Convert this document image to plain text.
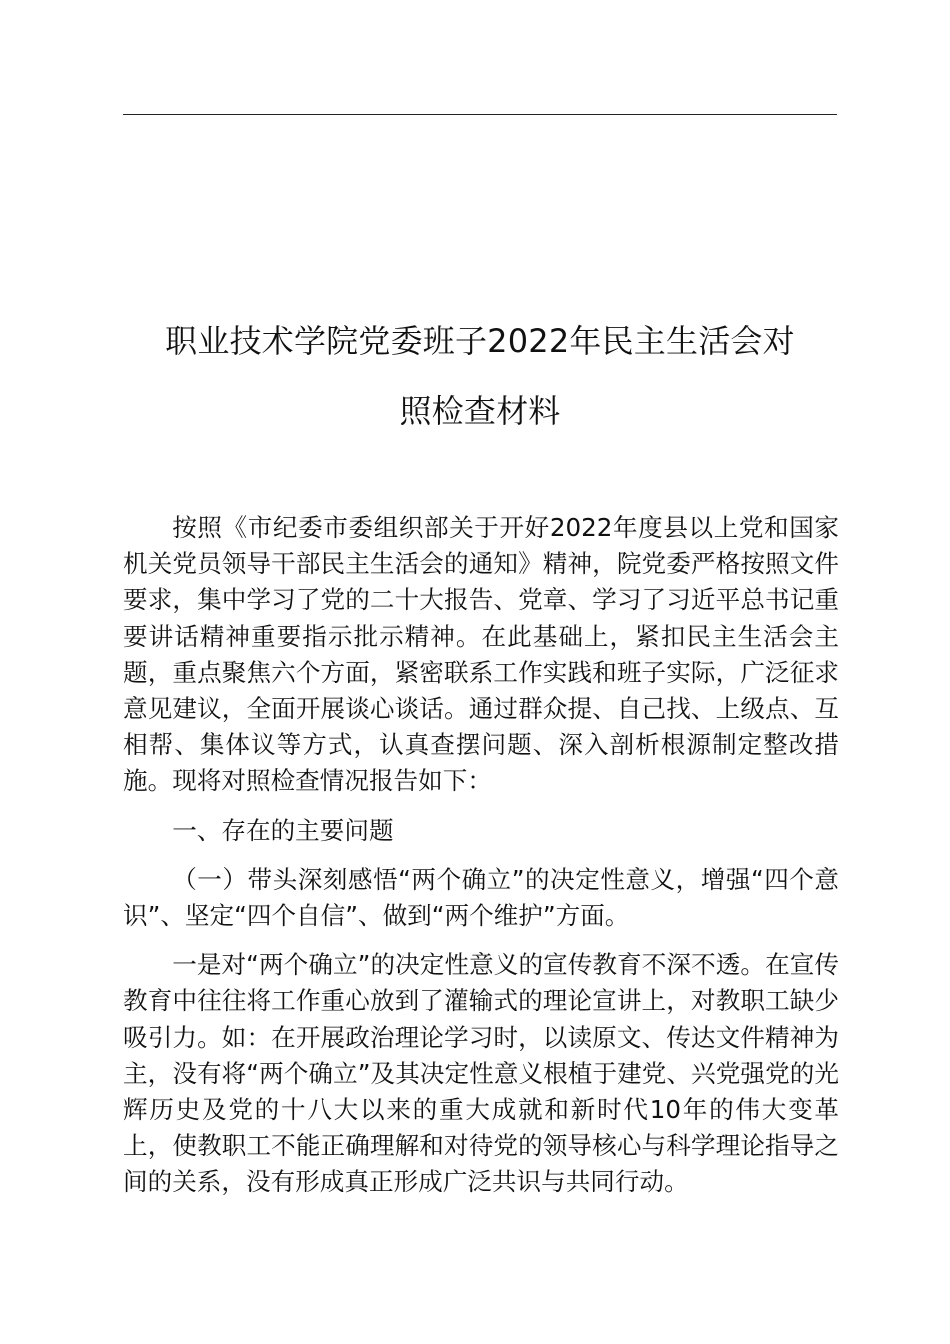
职业技术学院党委班子2022年民主生活会对
照检查材料

按照《市纪委市委组织部关于开好2022年度县以上党和国家机关党员领导干部民主生活会的通知》精神，院党委严格按照文件要求，集中学习了党的二十大报告、党章、学习了习近平总书记重要讲话精神重要指示批示精神。在此基础上，紧扣民主生活会主题，重点聚焦六个方面，紧密联系工作实践和班子实际，广泛征求意见建议，全面开展谈心谈话。通过群众提、自己找、上级点、互相帮、集体议等方式，认真查摆问题、深入剖析根源制定整改措施。现将对照检查情况报告如下：

一、存在的主要问题

（一）带头深刻感悟“两个确立”的决定性意义，增强“四个意识”、坚定“四个自信”、做到“两个维护”方面。

一是对“两个确立”的决定性意义的宣传教育不深不透。在宣传教育中往往将工作重心放到了灌输式的理论宣讲上，对教职工缺少吸引力。如：在开展政治理论学习时，以读原文、传达文件精神为主，没有将“两个确立”及其决定性意义根植于建党、兴党强党的光辉历史及党的十八大以来的重大成就和新时代10年的伟大变革上，使教职工不能正确理解和对待党的领导核心与科学理论指导之间的关系，没有形成真正形成广泛共识与共同行动。
